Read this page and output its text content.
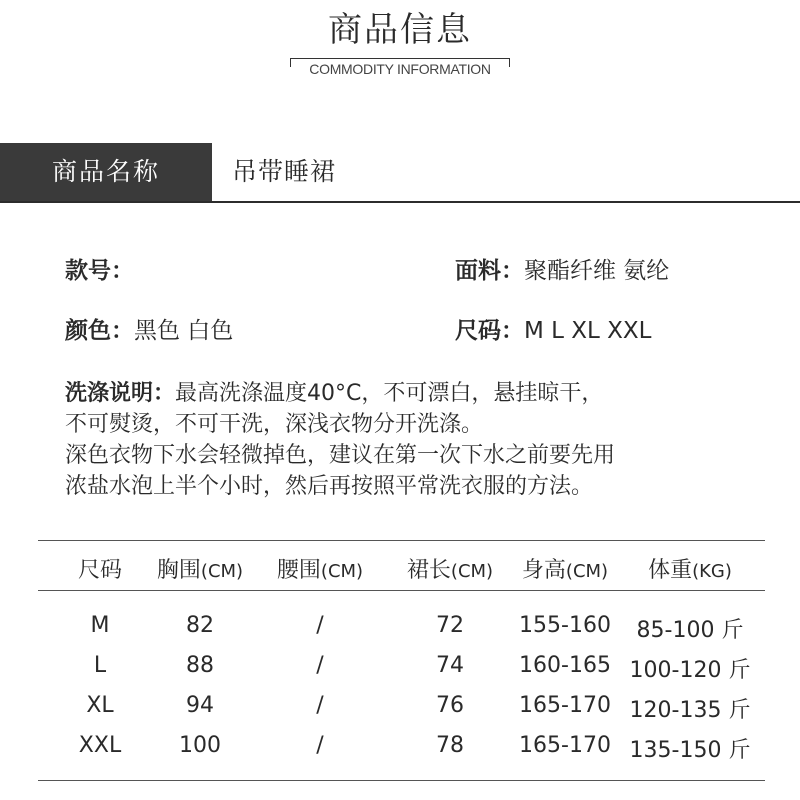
商品信息
COMMODITY INFORMATION
商品名称	吊带睡裙
款号：	面料：聚酯纤维 氨纶
颜色：黑色 白色	尺码：M L XL XXL
洗涤说明：最高洗涤温度40°C，不可漂白，悬挂晾干，
不可熨烫，不可干洗，深浅衣物分开洗涤。
深色衣物下水会轻微掉色，建议在第一次下水之前要先用
浓盐水泡上半个小时，然后再按照平常洗衣服的方法。
尺码 胸围(CM) 腰围(CM) 裙长(CM) 身高(CM) 体重(KG)
M	82	/	72	155-160 85-100 斤
L	88	/	74	160-165 100-120 斤
XL	94	/	76	165-170 120-135 斤
XXL	100	/	78	165-170 135-150 斤
